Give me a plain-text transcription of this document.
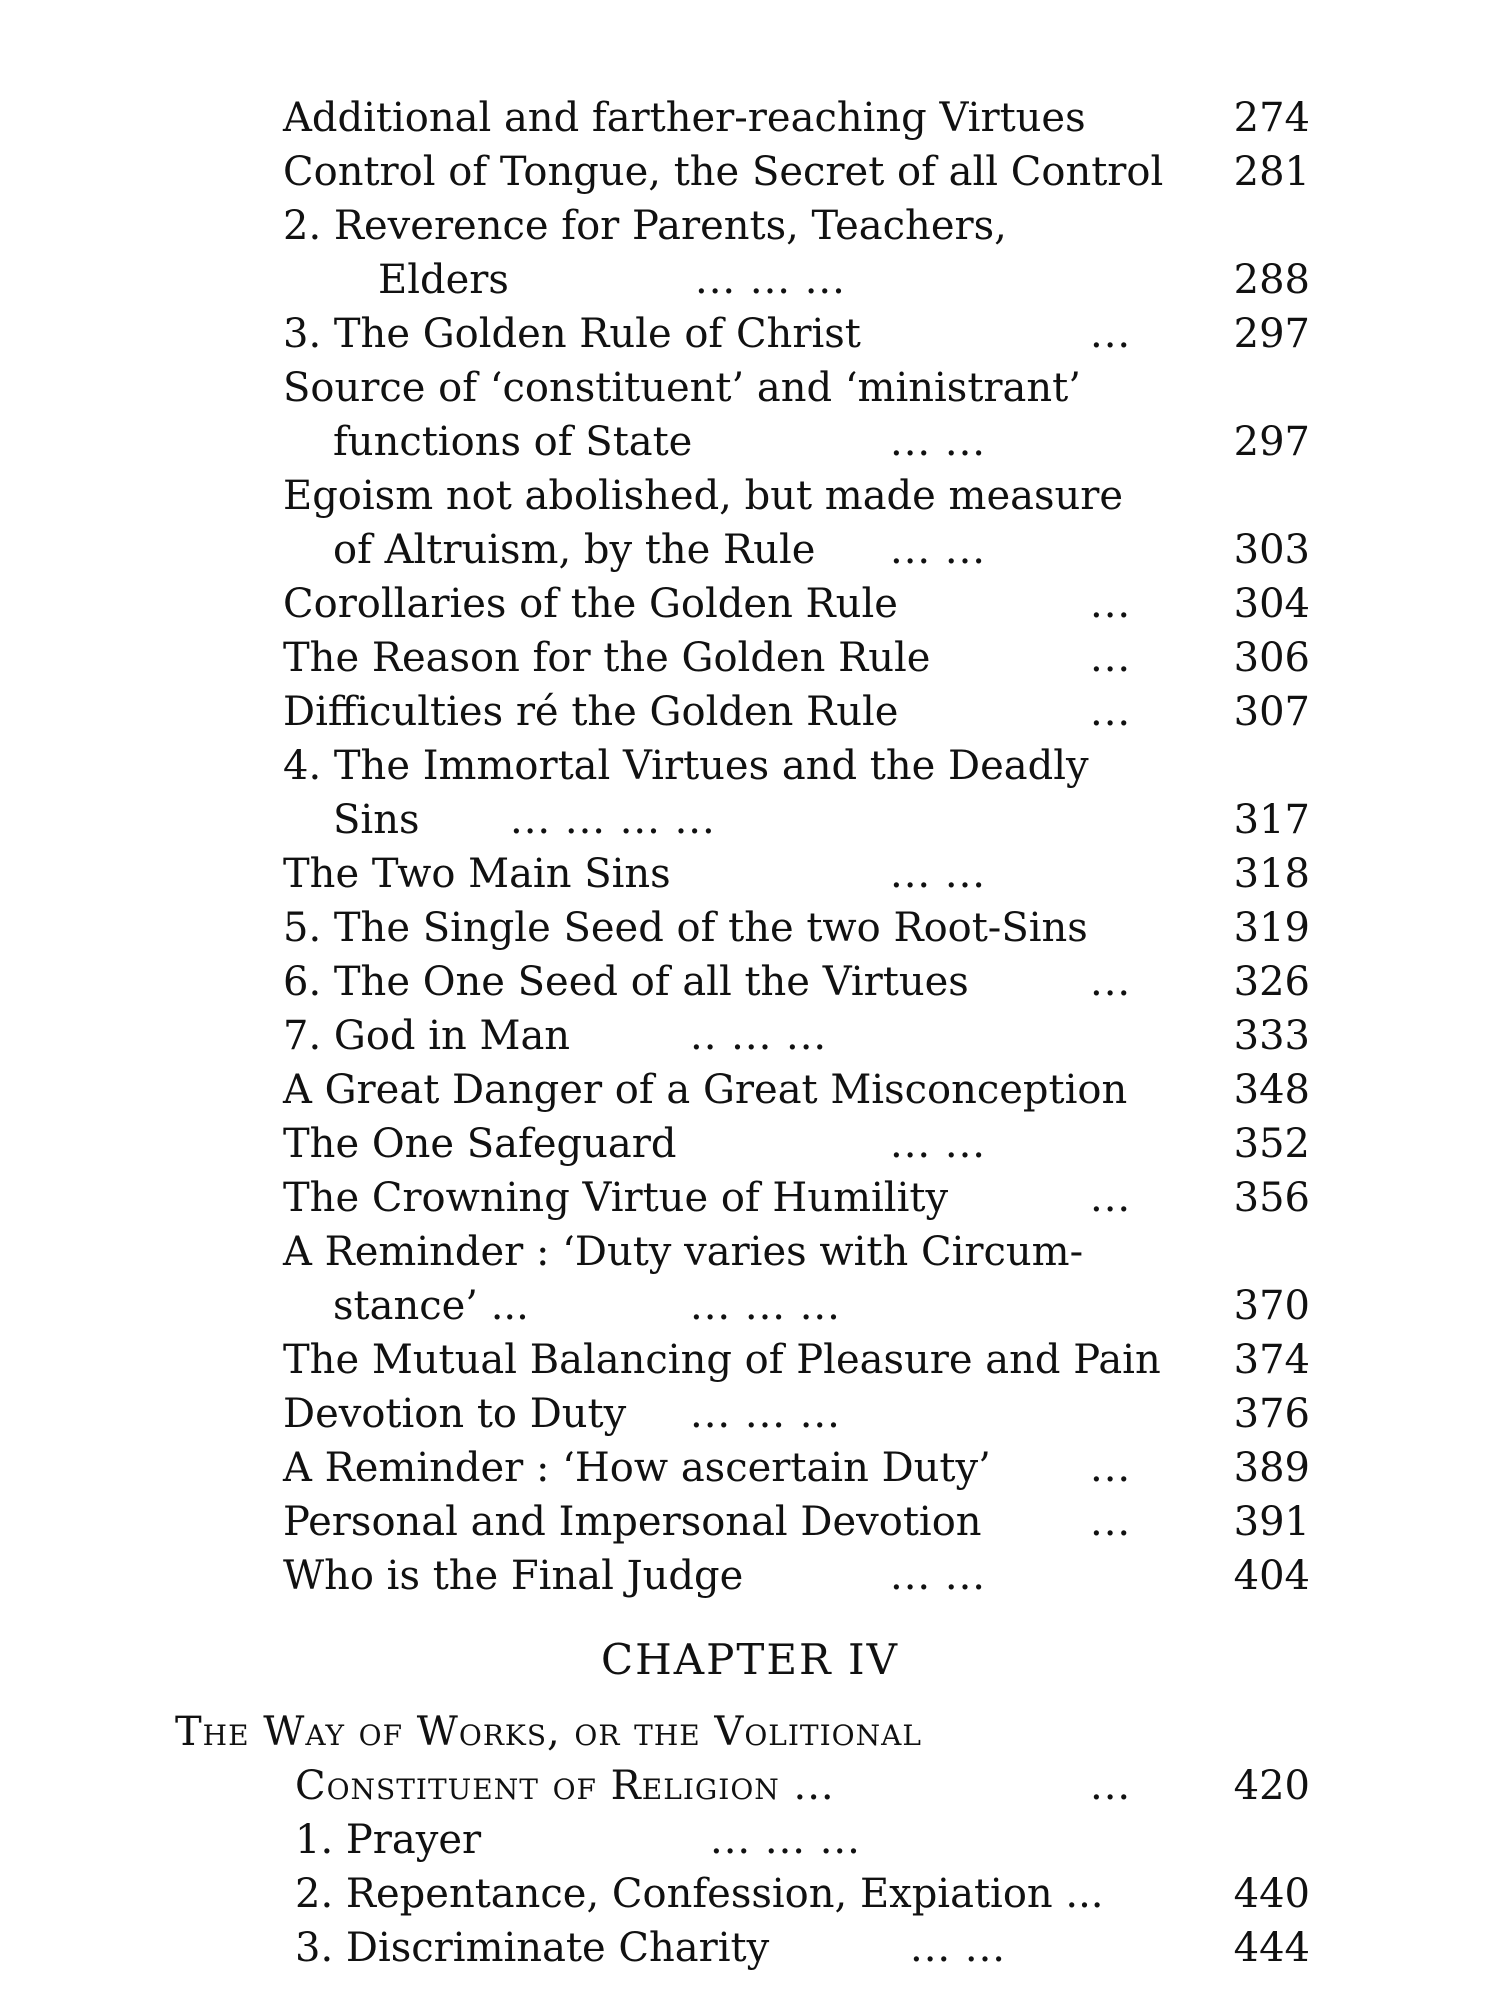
Additional and farther-reaching Virtues	274
Control of Tongue, the Secret of all Control	281
2. Reverence for Parents, Teachers,
Elders	... ... ...	288
3. The Golden Rule of Christ	...	297
Source of ‘constituent’ and ‘ministrant’
functions of State	... ...	297
Egoism not abolished, but made measure
of Altruism, by the Rule ... ...	303
Corollaries of the Golden Rule	...	304
The Reason for the Golden Rule	...	306
Difficulties ré the Golden Rule	...	307
4. The Immortal Virtues and the Deadly
Sins ... ... ... ...	317
The Two Main Sins	... ...	318
5. The Single Seed of the two Root-Sins	319
6. The One Seed of all the Virtues	...	326
7. God in Man	.. ... ...	333
A Great Danger of a Great Misconception	348
The One Safeguard	... ...	352
The Crowning Virtue of Humility	...	356
A Reminder : ‘Duty varies with Circum-
stance’ ...	... ... ...	370
The Mutual Balancing of Pleasure and Pain	374
Devotion to Duty ... ... ...	376
A Reminder : ‘How ascertain Duty’ ...	389
Personal and Impersonal Devotion	...	391
Who is the Final Judge	... ...	404
CHAPTER IV
The Way of Works, or the Volitional
Constituent of Religion ...	...	420
1. Prayer	... ... ...
2. Repentance, Confession, Expiation ...	440
3. Discriminate Charity	... ...	444
